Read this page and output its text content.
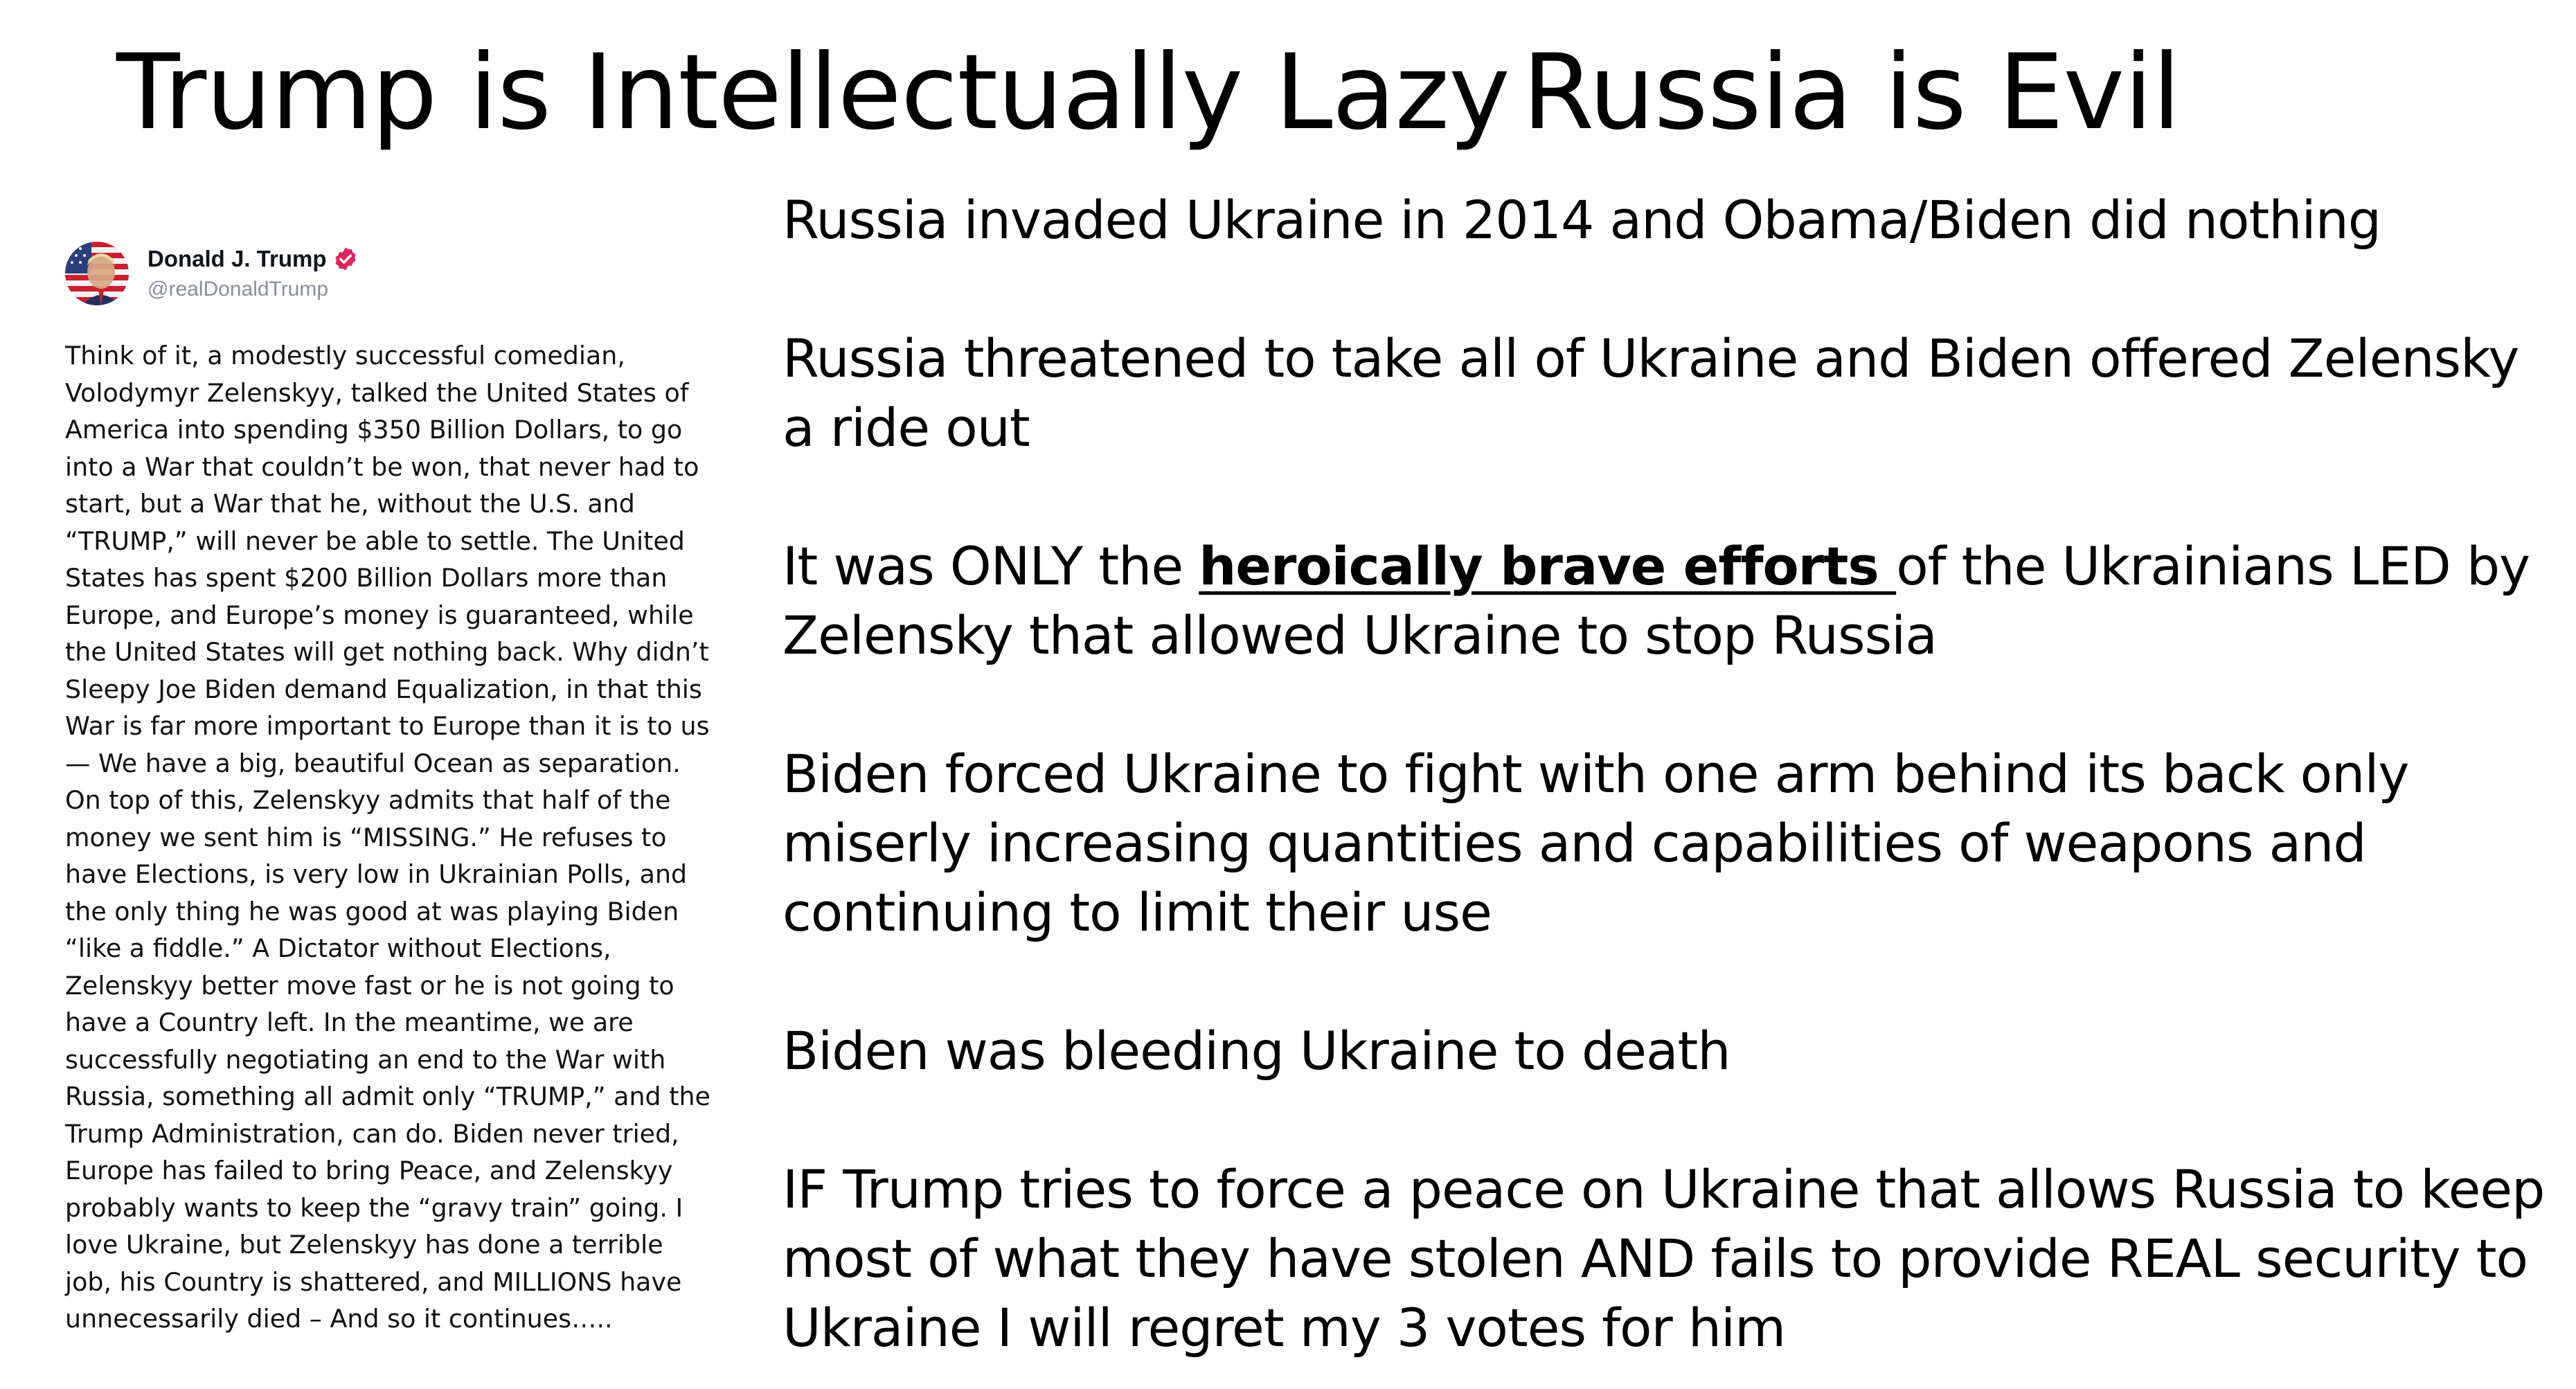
Trump is Intellectually Lazy Russia is Evil
Donald J. Trump
@realDonaldTrump
Think of it, a modestly successful comedian,
Volodymyr Zelenskyy, talked the United States of
America into spending $350 Billion Dollars, to go
into a War that couldn’t be won, that never had to
start, but a War that he, without the U.S. and
“TRUMP,” will never be able to settle. The United
States has spent $200 Billion Dollars more than
Europe, and Europe’s money is guaranteed, while
the United States will get nothing back. Why didn’t
Sleepy Joe Biden demand Equalization, in that this
War is far more important to Europe than it is to us
— We have a big, beautiful Ocean as separation.
On top of this, Zelenskyy admits that half of the
money we sent him is “MISSING.” He refuses to
have Elections, is very low in Ukrainian Polls, and
the only thing he was good at was playing Biden
“like a fiddle.” A Dictator without Elections,
Zelenskyy better move fast or he is not going to
have a Country left. In the meantime, we are
successfully negotiating an end to the War with
Russia, something all admit only “TRUMP,” and the
Trump Administration, can do. Biden never tried,
Europe has failed to bring Peace, and Zelenskyy
probably wants to keep the “gravy train” going. I
love Ukraine, but Zelenskyy has done a terrible
job, his Country is shattered, and MILLIONS have
unnecessarily died – And so it continues…..

Russia invaded Ukraine in 2014 and Obama/Biden did nothing

Russia threatened to take all of Ukraine and Biden offered Zelensky a ride out

It was ONLY the heroically brave efforts of the Ukrainians LED by Zelensky that allowed Ukraine to stop Russia

Biden forced Ukraine to fight with one arm behind its back only miserly increasing quantities and capabilities of weapons and continuing to limit their use

Biden was bleeding Ukraine to death

IF Trump tries to force a peace on Ukraine that allows Russia to keep most of what they have stolen AND fails to provide REAL security to Ukraine I will regret my 3 votes for him
